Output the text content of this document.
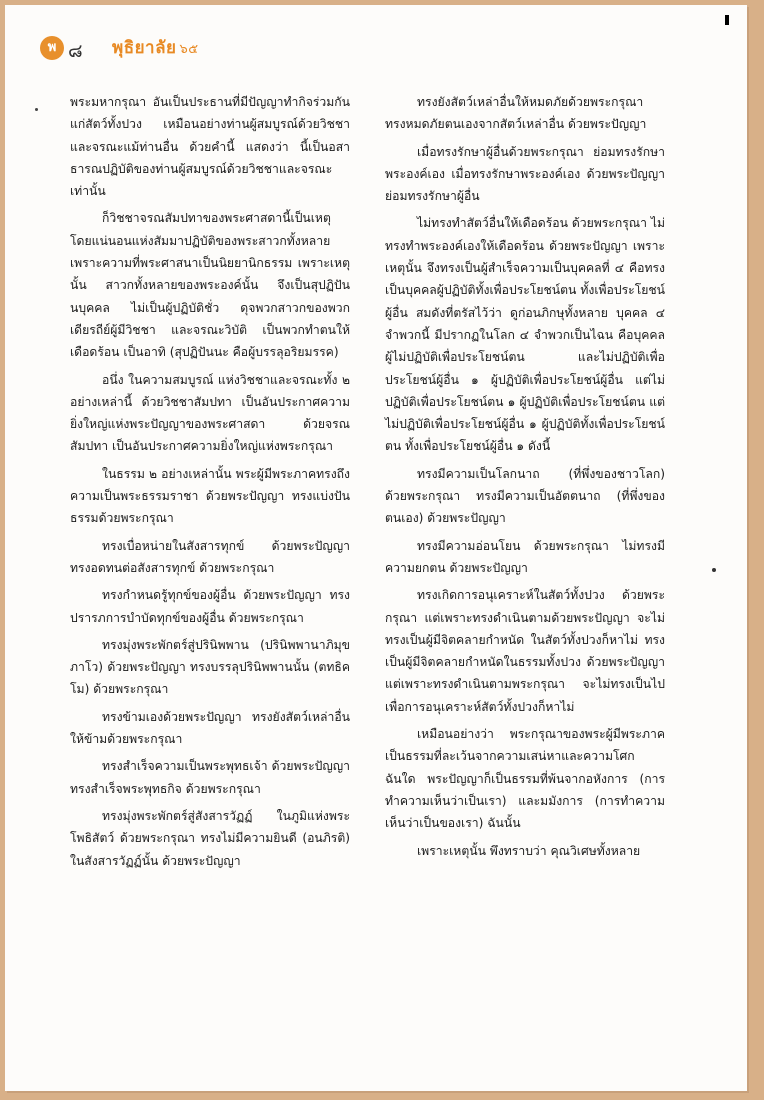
พ ๘ พุธิยาลัย ๖๕

พระมหากรุณา อันเป็นประธานที่มีปัญญาทำกิจร่วมกันแก่สัตว์ทั้งปวง เหมือนอย่างท่านผู้สมบูรณ์ด้วยวิชชาและจรณะแม้ท่านอื่น ด้วยคำนี้ แสดงว่า นี้เป็นอสาธารณปฏิบัติของท่านผู้สมบูรณ์ด้วยวิชชาและจรณะเท่านั้น

ก็วิชชาจรณสัมปทาของพระศาสดานี้เป็นเหตุโดยแน่นอนแห่งสัมมาปฏิบัติของพระสาวกทั้งหลาย เพราะความที่พระศาสนาเป็นนิยยานิกธรรม เพราะเหตุนั้น สาวกทั้งหลายของพระองค์นั้น จึงเป็นสุปฏิปันนบุคคล ไม่เป็นผู้ปฏิบัติชั่ว ดุจพวกสาวกของพวกเดียรถีย์ผู้มีวิชชา และจรณะวิบัติ เป็นพวกทำตนให้เดือดร้อน เป็นอาทิ (สุปฏิปันนะ คือผู้บรรลุอริยมรรค)

อนึ่ง ในความสมบูรณ์ แห่งวิชชาและจรณะทั้ง ๒ อย่างเหล่านี้ ด้วยวิชชาสัมปทา เป็นอันประกาศความยิ่งใหญ่แห่งพระปัญญาของพระศาสดา ด้วยจรณสัมปทา เป็นอันประกาศความยิ่งใหญ่แห่งพระกรุณา

ในธรรม ๒ อย่างเหล่านั้น พระผู้มีพระภาคทรงถึงความเป็นพระธรรมราชา ด้วยพระปัญญา ทรงแบ่งปันธรรมด้วยพระกรุณา

ทรงเบื่อหน่ายในสังสารทุกข์ ด้วยพระปัญญา ทรงอดทนต่อสังสารทุกข์ ด้วยพระกรุณา

ทรงกำหนดรู้ทุกข์ของผู้อื่น ด้วยพระปัญญา ทรงปรารภการบำบัดทุกข์ของผู้อื่น ด้วยพระกรุณา

ทรงมุ่งพระพักตร์สู่ปรินิพพาน (ปรินิพพานาภิมุขภาโว) ด้วยพระปัญญา ทรงบรรลุปรินิพพานนั้น (ตทธิคโม) ด้วยพระกรุณา

ทรงข้ามเองด้วยพระปัญญา ทรงยังสัตว์เหล่าอื่นให้ข้ามด้วยพระกรุณา

ทรงสำเร็จความเป็นพระพุทธเจ้า ด้วยพระปัญญา ทรงสำเร็จพระพุทธกิจ ด้วยพระกรุณา

ทรงมุ่งพระพักตร์สู่สังสารวัฏฏ์ ในภูมิแห่งพระโพธิสัตว์ ด้วยพระกรุณา ทรงไม่มีความยินดี (อนภิรติ) ในสังสารวัฏฏ์นั้น ด้วยพระปัญญา

ทรงยังสัตว์เหล่าอื่นให้หมดภัยด้วยพระกรุณา ทรงหมดภัยตนเองจากสัตว์เหล่าอื่น ด้วยพระปัญญา

เมื่อทรงรักษาผู้อื่นด้วยพระกรุณา ย่อมทรงรักษาพระองค์เอง เมื่อทรงรักษาพระองค์เอง ด้วยพระปัญญา ย่อมทรงรักษาผู้อื่น

ไม่ทรงทำสัตว์อื่นให้เดือดร้อน ด้วยพระกรุณา ไม่ทรงทำพระองค์เองให้เดือดร้อน ด้วยพระปัญญา เพราะเหตุนั้น จึงทรงเป็นผู้สำเร็จความเป็นบุคคลที่ ๔ คือทรงเป็นบุคคลผู้ปฏิบัติทั้งเพื่อประโยชน์ตน ทั้งเพื่อประโยชน์ผู้อื่น สมดังที่ตรัสไว้ว่า ดูก่อนภิกษุทั้งหลาย บุคคล ๔ จำพวกนี้ มีปรากฏในโลก ๔ จำพวกเป็นไฉน คือบุคคลผู้ไม่ปฏิบัติเพื่อประโยชน์ตน และไม่ปฏิบัติเพื่อประโยชน์ผู้อื่น ๑ ผู้ปฏิบัติเพื่อประโยชน์ผู้อื่น แต่ไม่ปฏิบัติเพื่อประโยชน์ตน ๑ ผู้ปฏิบัติเพื่อประโยชน์ตน แต่ไม่ปฏิบัติเพื่อประโยชน์ผู้อื่น ๑ ผู้ปฏิบัติทั้งเพื่อประโยชน์ตน ทั้งเพื่อประโยชน์ผู้อื่น ๑ ดังนี้

ทรงมีความเป็นโลกนาถ (ที่พึ่งของชาวโลก) ด้วยพระกรุณา ทรงมีความเป็นอัตตนาถ (ที่พึ่งของตนเอง) ด้วยพระปัญญา

ทรงมีความอ่อนโยน ด้วยพระกรุณา ไม่ทรงมีความยกตน ด้วยพระปัญญา

ทรงเกิดการอนุเคราะห์ในสัตว์ทั้งปวง ด้วยพระกรุณา แต่เพราะทรงดำเนินตามด้วยพระปัญญา จะไม่ทรงเป็นผู้มีจิตคลายกำหนัด ในสัตว์ทั้งปวงก็หาไม่ ทรงเป็นผู้มีจิตคลายกำหนัดในธรรมทั้งปวง ด้วยพระปัญญา แต่เพราะทรงดำเนินตามพระกรุณา จะไม่ทรงเป็นไป เพื่อการอนุเคราะห์สัตว์ทั้งปวงก็หาไม่

เหมือนอย่างว่า พระกรุณาของพระผู้มีพระภาคเป็นธรรมที่ละเว้นจากความเสน่หาและความโศกฉันใด พระปัญญาก็เป็นธรรมที่พ้นจากอหังการ (การทำความเห็นว่าเป็นเรา) และมมังการ (การทำความเห็นว่าเป็นของเรา) ฉันนั้น

เพราะเหตุนั้น พึงทราบว่า คุณวิเศษทั้งหลาย
